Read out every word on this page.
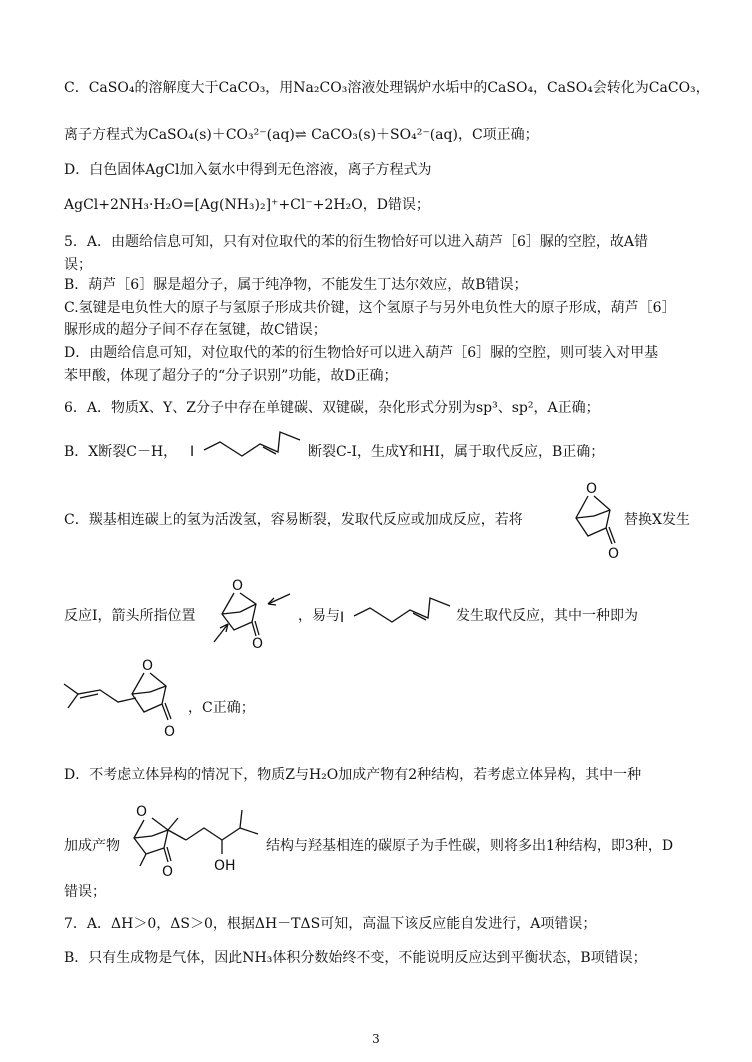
C．CaSO₄的溶解度大于CaCO₃，用Na₂CO₃溶液处理锅炉水垢中的CaSO₄，CaSO₄会转化为CaCO₃，
离子方程式为CaSO₄(s)＋CO₃²⁻(aq)⇌ CaCO₃(s)＋SO₄²⁻(aq)，C项正确；
D．白色固体AgCl加入氨水中得到无色溶液，离子方程式为
AgCl+2NH₃·H₂O=[Ag(NH₃)₂]⁺+Cl⁻+2H₂O，D错误；
5．A．由题给信息可知，只有对位取代的苯的衍生物恰好可以进入葫芦［6］脲的空腔，故A错
误；
B．葫芦［6］脲是超分子，属于纯净物，不能发生丁达尔效应，故B错误；
C.氢键是电负性大的原子与氢原子形成共价键，这个氢原子与另外电负性大的原子形成，葫芦［6］
脲形成的超分子间不存在氢键，故C错误；
D．由题给信息可知，对位取代的苯的衍生物恰好可以进入葫芦［6］脲的空腔，则可装入对甲基
苯甲酸，体现了超分子的“分子识别”功能，故D正确；
6．A．物质X、Y、Z分子中存在单键碳、双键碳，杂化形式分别为sp³、sp²，A正确；
B．X断裂C－H， I	断裂C-I，生成Y和HI，属于取代反应，B正确；
C．羰基相连碳上的氢为活泼氢，容易断裂，发取代反应或加成反应，若将
O
O
替换X发生
反应I，箭头所指位置
O
O
，易与 I	发生取代反应，其中一种即为
O
O
，C正确；
D．不考虑立体异构的情况下，物质Z与H₂O加成产物有2种结构，若考虑立体异构，其中一种
加成产物
O
O	OH
结构与羟基相连的碳原子为手性碳，则将多出1种结构，即3种，D
错误；
7．A．ΔH＞0，ΔS＞0，根据ΔH－TΔS可知，高温下该反应能自发进行，A项错误；
B．只有生成物是气体，因此NH₃体积分数始终不变，不能说明反应达到平衡状态，B项错误；
3
